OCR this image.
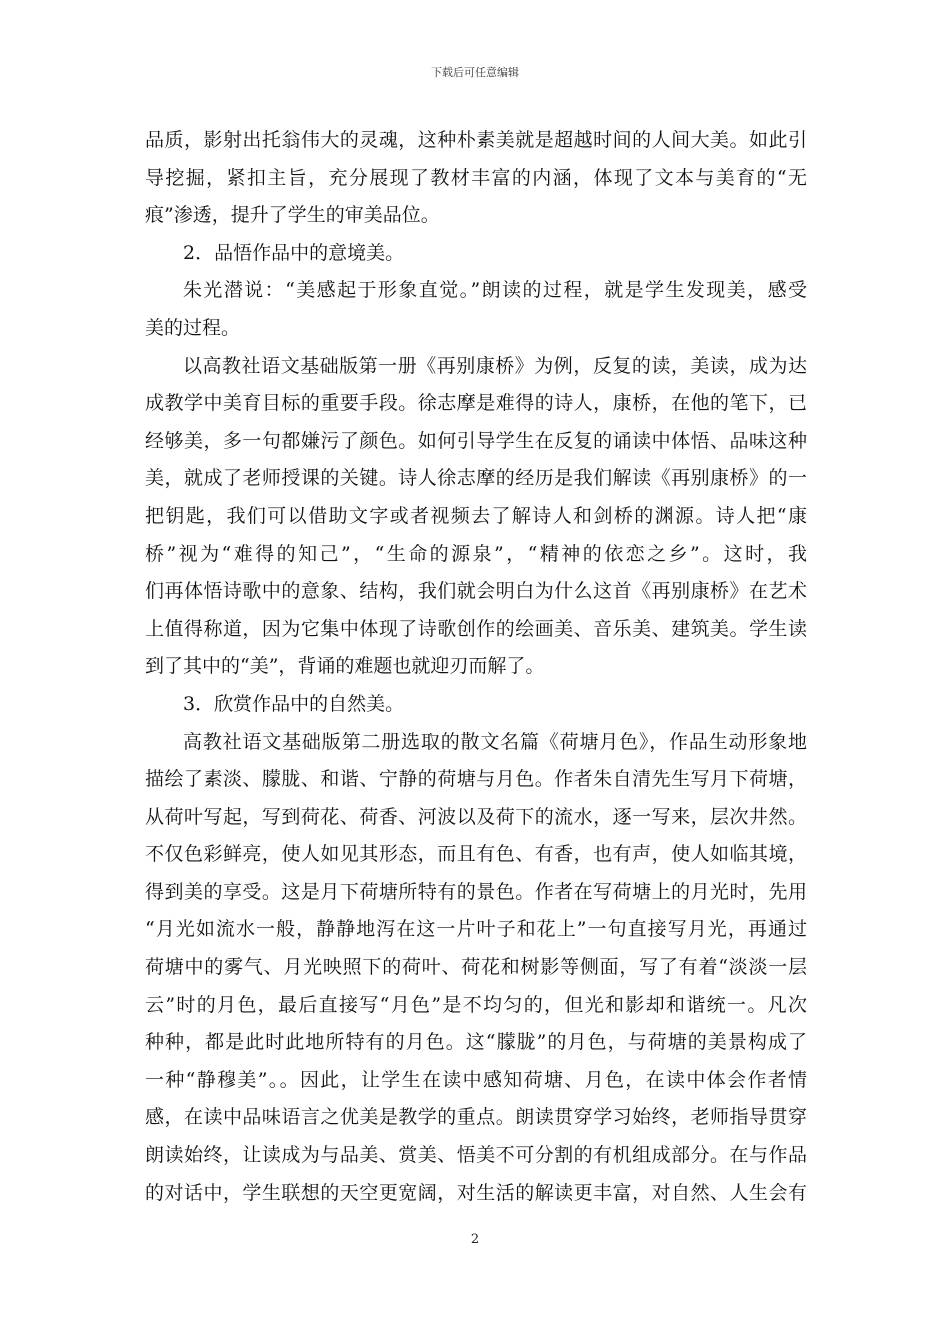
下载后可任意编辑
品质，影射出托翁伟大的灵魂，这种朴素美就是超越时间的人间大美。如此引
导挖掘，紧扣主旨，充分展现了教材丰富的内涵，体现了文本与美育的“无
痕”渗透，提升了学生的审美品位。
2．品悟作品中的意境美。
朱光潜说：“美感起于形象直觉。”朗读的过程，就是学生发现美，感受
美的过程。
以高教社语文基础版第一册《再别康桥》为例，反复的读，美读，成为达
成教学中美育目标的重要手段。徐志摩是难得的诗人，康桥，在他的笔下，已
经够美，多一句都嫌污了颜色。如何引导学生在反复的诵读中体悟、品味这种
美，就成了老师授课的关键。诗人徐志摩的经历是我们解读《再别康桥》的一
把钥匙，我们可以借助文字或者视频去了解诗人和剑桥的渊源。诗人把“康
桥”视为“难得的知己”，“生命的源泉”，“精神的依恋之乡”。这时，我
们再体悟诗歌中的意象、结构，我们就会明白为什么这首《再别康桥》在艺术
上值得称道，因为它集中体现了诗歌创作的绘画美、音乐美、建筑美。学生读
到了其中的“美”，背诵的难题也就迎刃而解了。
3．欣赏作品中的自然美。
高教社语文基础版第二册选取的散文名篇《荷塘月色》，作品生动形象地
描绘了素淡、朦胧、和谐、宁静的荷塘与月色。作者朱自清先生写月下荷塘，
从荷叶写起，写到荷花、荷香、河波以及荷下的流水，逐一写来，层次井然。
不仅色彩鲜亮，使人如见其形态，而且有色、有香，也有声，使人如临其境，
得到美的享受。这是月下荷塘所特有的景色。作者在写荷塘上的月光时，先用
“月光如流水一般，静静地泻在这一片叶子和花上”一句直接写月光，再通过
荷塘中的雾气、月光映照下的荷叶、荷花和树影等侧面，写了有着“淡淡一层
云”时的月色，最后直接写“月色”是不均匀的，但光和影却和谐统一。凡次
种种，都是此时此地所特有的月色。这“朦胧”的月色，与荷塘的美景构成了
一种“静穆美”。。因此，让学生在读中感知荷塘、月色，在读中体会作者情
感，在读中品味语言之优美是教学的重点。朗读贯穿学习始终，老师指导贯穿
朗读始终，让读成为与品美、赏美、悟美不可分割的有机组成部分。在与作品
的对话中，学生联想的天空更宽阔，对生活的解读更丰富，对自然、人生会有
2
